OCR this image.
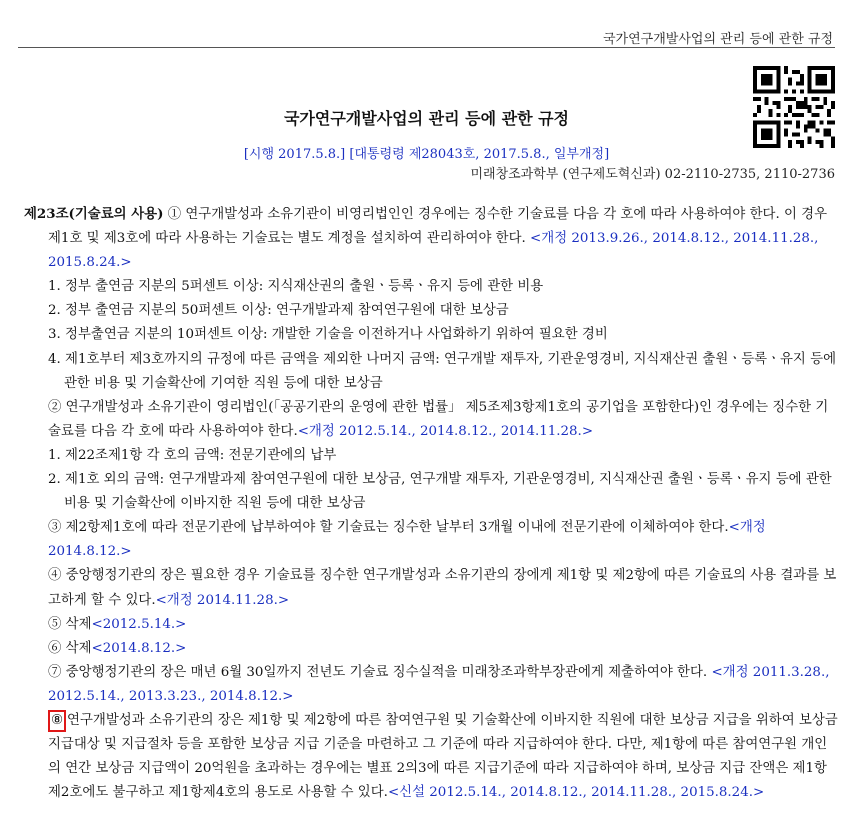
국가연구개발사업의 관리 등에 관한 규정
국가연구개발사업의 관리 등에 관한 규정
[시행 2017.5.8.] [대통령령 제28043호, 2017.5.8., 일부개정]
미래창조과학부 (연구제도혁신과) 02-2110-2735, 2110-2736

제23조(기술료의 사용) ① 연구개발성과 소유기관이 비영리법인인 경우에는 징수한 기술료를 다음 각 호에 따라 사용하여야 한다. 이 경우 제1호 및 제3호에 따라 사용하는 기술료는 별도 계정을 설치하여 관리하여야 한다. <개정 2013.9.26., 2014.8.12., 2014.11.28., 2015.8.24.>

1. 정부 출연금 지분의 5퍼센트 이상: 지식재산권의 출원ㆍ등록ㆍ유지 등에 관한 비용

2. 정부 출연금 지분의 50퍼센트 이상: 연구개발과제 참여연구원에 대한 보상금

3. 정부출연금 지분의 10퍼센트 이상: 개발한 기술을 이전하거나 사업화하기 위하여 필요한 경비

4. 제1호부터 제3호까지의 규정에 따른 금액을 제외한 나머지 금액: 연구개발 재투자, 기관운영경비, 지식재산권 출원ㆍ등록ㆍ유지 등에 관한 비용 및 기술확산에 기여한 직원 등에 대한 보상금

② 연구개발성과 소유기관이 영리법인(「공공기관의 운영에 관한 법률」 제5조제3항제1호의 공기업을 포함한다)인 경우에는 징수한 기술료를 다음 각 호에 따라 사용하여야 한다.<개정 2012.5.14., 2014.8.12., 2014.11.28.>

1. 제22조제1항 각 호의 금액: 전문기관에의 납부

2. 제1호 외의 금액: 연구개발과제 참여연구원에 대한 보상금, 연구개발 재투자, 기관운영경비, 지식재산권 출원ㆍ등록ㆍ유지 등에 관한 비용 및 기술확산에 이바지한 직원 등에 대한 보상금

③ 제2항제1호에 따라 전문기관에 납부하여야 할 기술료는 징수한 날부터 3개월 이내에 전문기관에 이체하여야 한다.<개정 2014.8.12.>

④ 중앙행정기관의 장은 필요한 경우 기술료를 징수한 연구개발성과 소유기관의 장에게 제1항 및 제2항에 따른 기술료의 사용 결과를 보고하게 할 수 있다.<개정 2014.11.28.>

⑤ 삭제<2012.5.14.>

⑥ 삭제<2014.8.12.>

⑦ 중앙행정기관의 장은 매년 6월 30일까지 전년도 기술료 징수실적을 미래창조과학부장관에게 제출하여야 한다. <개정 2011.3.28., 2012.5.14., 2013.3.23., 2014.8.12.>

⑧ 연구개발성과 소유기관의 장은 제1항 및 제2항에 따른 참여연구원 및 기술확산에 이바지한 직원에 대한 보상금 지급을 위하여 보상금 지급대상 및 지급절차 등을 포함한 보상금 지급 기준을 마련하고 그 기준에 따라 지급하여야 한다. 다만, 제1항에 따른 참여연구원 개인의 연간 보상금 지급액이 20억원을 초과하는 경우에는 별표 2의3에 따른 지급기준에 따라 지급하여야 하며, 보상금 지급 잔액은 제1항제2호에도 불구하고 제1항제4호의 용도로 사용할 수 있다.<신설 2012.5.14., 2014.8.12., 2014.11.28., 2015.8.24.>
